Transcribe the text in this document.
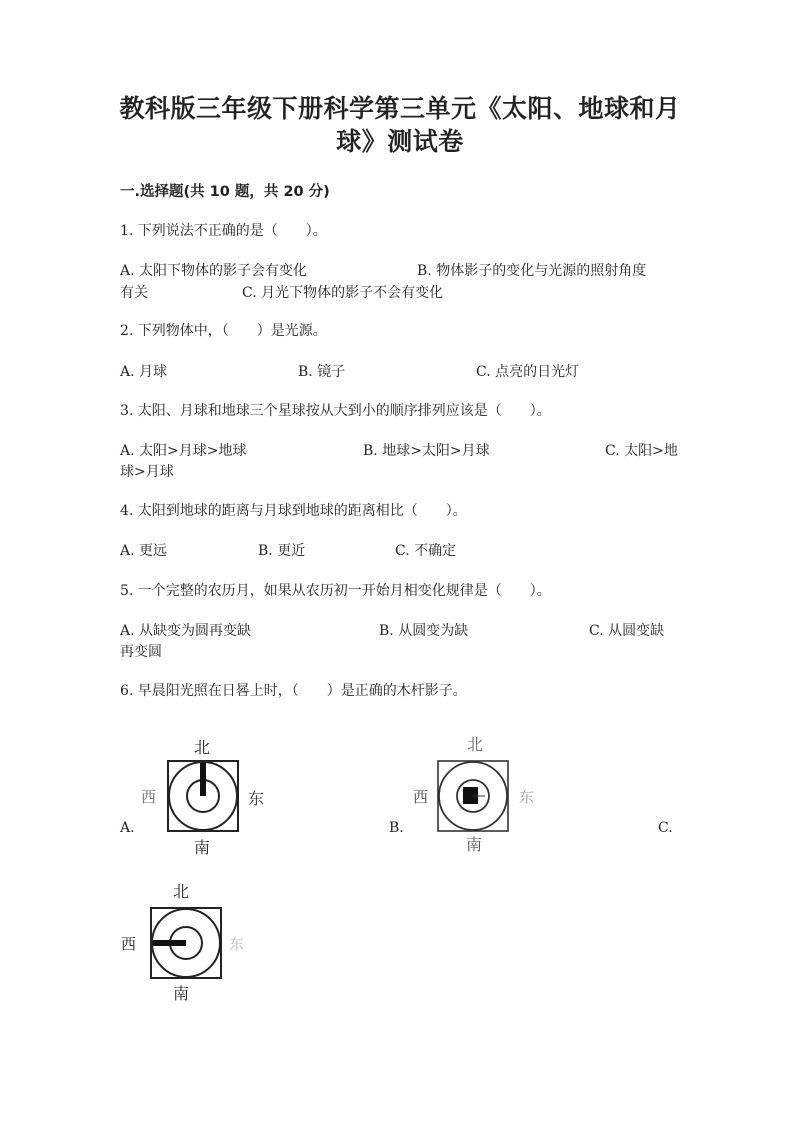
教科版三年级下册科学第三单元《太阳、地球和月
球》测试卷
一.选择题(共 10 题，共 20 分)
1. 下列说法不正确的是（　　）。
A. 太阳下物体的影子会有变化	B. 物体影子的变化与光源的照射角度
有关	C. 月光下物体的影子不会有变化
2. 下列物体中，（　　）是光源。
A. 月球	B. 镜子	C. 点亮的日光灯
3. 太阳、月球和地球三个星球按从大到小的顺序排列应该是（　　）。
A. 太阳>月球>地球	B. 地球>太阳>月球	C. 太阳>地
球>月球
4. 太阳到地球的距离与月球到地球的距离相比（　　）。
A. 更远	B. 更近	C. 不确定
5. 一个完整的农历月，如果从农历初一开始月相变化规律是（　　）。
A. 从缺变为圆再变缺	B. 从圆变为缺	C. 从圆变缺
再变圆
6. 早晨阳光照在日晷上时，（　　）是正确的木杆影子。
A.	B.	C.
北
南
西	东
北
南
西	东
北
南
西	东
